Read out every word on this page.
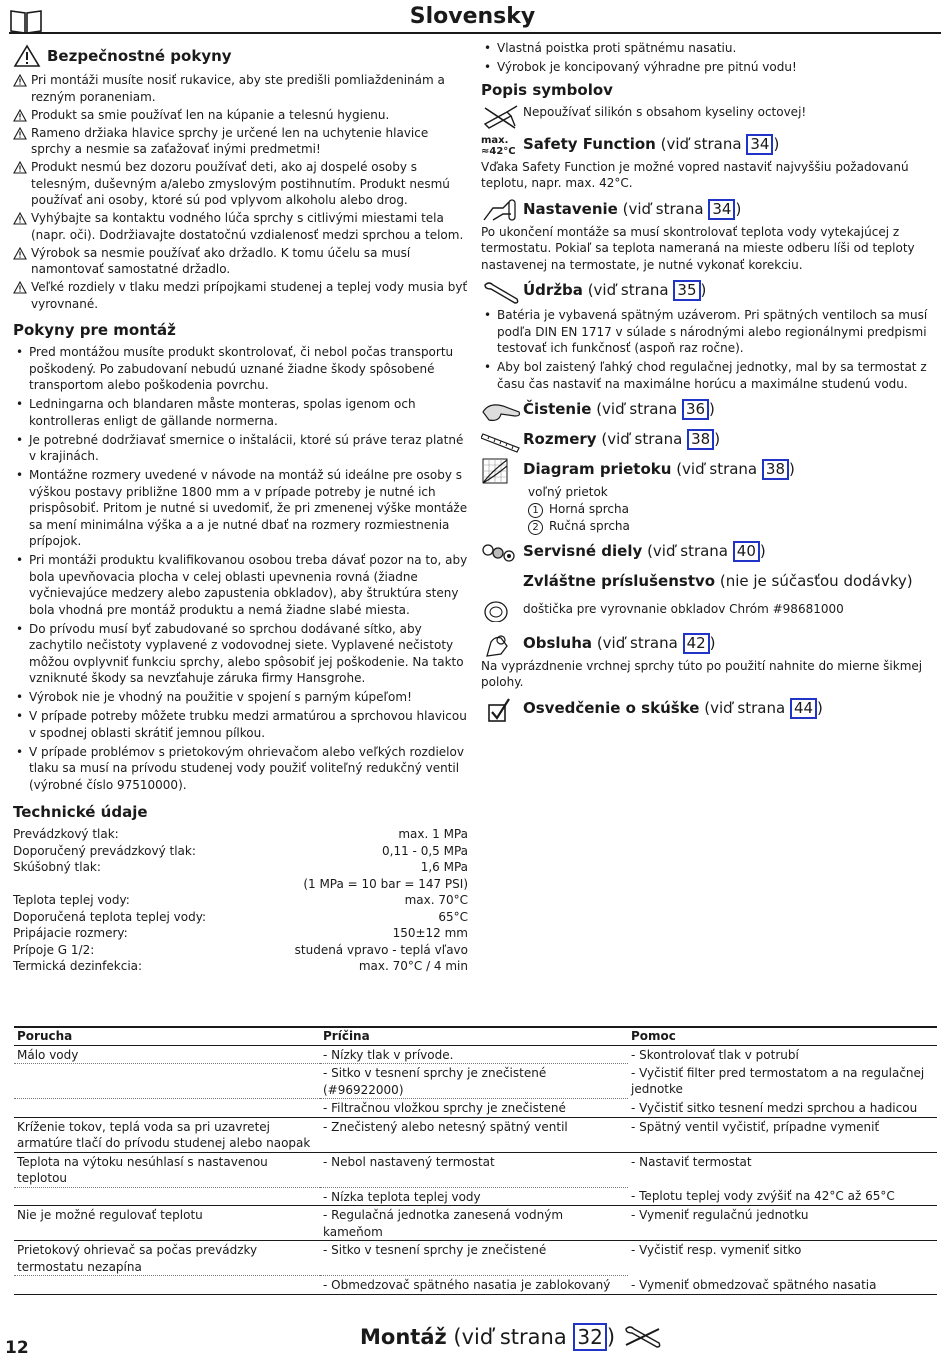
Slovensky
Bezpečnostné pokyny
Pri montáži musíte nosiť rukavice, aby ste predišli pomliaždeninám a rezným poraneniam.
Produkt sa smie používať len na kúpanie a telesnú hygienu.
Rameno držiaka hlavice sprchy je určené len na uchytenie hlavice sprchy a nesmie sa zaťažovať inými predmetmi!
Produkt nesmú bez dozoru používať deti, ako aj dospelé osoby s telesným, duševným a/alebo zmyslovým postihnutím. Produkt nesmú používať ani osoby, ktoré sú pod vplyvom alkoholu alebo drog.
Vyhýbajte sa kontaktu vodného lúča sprchy s citlivými miestami tela (napr. oči). Dodržiavajte dostatočnú vzdialenosť medzi sprchou a telom.
Výrobok sa nesmie používať ako držadlo. K tomu účelu sa musí namontovať samostatné držadlo.
Veľké rozdiely v tlaku medzi prípojkami studenej a teplej vody musia byť vyrovnané.
Pokyny pre montáž
• Pred montážou musíte produkt skontrolovať, či nebol počas transportu poškodený. Po zabudovaní nebudú uznané žiadne škody spôsobené transportom alebo poškodenia povrchu.
• Ledningarna och blandaren måste monteras, spolas igenom och kontrolleras enligt de gällande normerna.
• Je potrebné dodržiavať smernice o inštalácii, ktoré sú práve teraz platné v krajinách.
• Montážne rozmery uvedené v návode na montáž sú ideálne pre osoby s výškou postavy približne 1800 mm a v prípade potreby je nutné ich prispôsobiť. Pritom je nutné si uvedomiť, že pri zmenenej výške montáže sa mení minimálna výška a a je nutné dbať na rozmery rozmiestnenia prípojok.
• Pri montáži produktu kvalifikovanou osobou treba dávať pozor na to, aby bola upevňovacia plocha v celej oblasti upevnenia rovná (žiadne vyčnievajúce medzery alebo zapustenia obkladov), aby štruktúra steny bola vhodná pre montáž produktu a nemá žiadne slabé miesta.
• Do prívodu musí byť zabudované so sprchou dodávané sítko, aby zachytilo nečistoty vyplavené z vodovodnej siete. Vyplavené nečistoty môžou ovplyvniť funkciu sprchy, alebo spôsobiť jej poškodenie. Na takto vzniknuté škody sa nevzťahuje záruka firmy Hansgrohe.
• Výrobok nie je vhodný na použitie v spojení s parným kúpeľom!
• V prípade potreby môžete trubku medzi armatúrou a sprchovou hlavicou v spodnej oblasti skrátiť jemnou pílkou.
• V prípade problémov s prietokovým ohrievačom alebo veľkých rozdielov tlaku sa musí na prívodu studenej vody použiť voliteľný redukčný ventil (výrobné číslo 97510000).
Technické údaje
Prevádzkový tlak:	max. 1 MPa
Doporučený prevádzkový tlak:	0,11 - 0,5 MPa
Skúšobný tlak:	1,6 MPa
(1 MPa = 10 bar = 147 PSI)
Teplota teplej vody:	max. 70°C
Doporučená teplota teplej vody:	65°C
Pripájacie rozmery:	150±12 mm
Prípoje G 1/2:	studená vpravo - teplá vľavo
Termická dezinfekcia:	max. 70°C / 4 min
• Vlastná poistka proti spätnému nasatiu.
• Výrobok je koncipovaný výhradne pre pitnú vodu!
Popis symbolov
Nepoužívať silikón s obsahom kyseliny octovej!
max.
≈42°C Safety Function (viď strana 34 )

Vďaka Safety Function je možné vopred nastaviť najvyššiu požadovanú teplotu, napr. max. 42°C.

Nastavenie (viď strana 34 )

Po ukončení montáže sa musí skontrolovať teplota vody vytekajúcej z termostatu. Pokiaľ sa teplota nameraná na mieste odberu líši od teploty nastavenej na termostate, je nutné vykonať korekciu.

Údržba (viď strana 35 )
• Batéria je vybavená spätným uzáverom. Pri spätných ventiloch sa musí podľa DIN EN 1717 v súlade s národnými alebo regionálnymi predpismi testovať ich funkčnosť (aspoň raz ročne).
• Aby bol zaistený ľahký chod regulačnej jednotky, mal by sa termostat z času čas nastaviť na maximálne horúcu a maximálne studenú vodu.
Čistenie (viď strana 36 )
Rozmery (viď strana 38 )
Diagram prietoku (viď strana 38 )
voľný prietok
1 Horná sprcha
2 Ručná sprcha
Servisné diely (viď strana 40 )
Zvláštne príslušenstvo (nie je súčasťou dodávky)
doštička pre vyrovnanie obkladov Chróm #98681000
Obsluha (viď strana 42 )

Na vyprázdnenie vrchnej sprchy túto po použití nahnite do mierne šikmej polohy.

Osvedčenie o skúške (viď strana 44 )
Porucha	Príčina	Pomoc
Málo vody	- Nízky tlak v prívode.	- Skontrolovať tlak v potrubí
	- Sitko v tesnení sprchy je znečistené (#96922000)	- Vyčistiť filter pred termostatom a na regulačnej jednotke
	- Filtračnou vložkou sprchy je znečistené	- Vyčistiť sitko tesnení medzi sprchou a hadicou
Kríženie tokov, teplá voda sa pri uzavretej armatúre tlačí do prívodu studenej alebo naopak	- Znečistený alebo netesný spätný ventil	- Spätný ventil vyčistiť, prípadne vymeniť
Teplota na výtoku nesúhlasí s nastavenou teplotou	- Nebol nastavený termostat	- Nastaviť termostat
	- Nízka teplota teplej vody	- Teplotu teplej vody zvýšiť na 42°C až 65°C
Nie je možné regulovať teplotu	- Regulačná jednotka zanesená vodným kameňom	- Vymeniť regulačnú jednotku
Prietokový ohrievač sa počas prevádzky termostatu nezapína	- Sitko v tesnení sprchy je znečistené	- Vyčistiť resp. vymeniť sitko
	- Obmedzovač spätného nasatia je zablokovaný	- Vymeniť obmedzovač spätného nasatia
12	Montáž (viď strana 32 )
